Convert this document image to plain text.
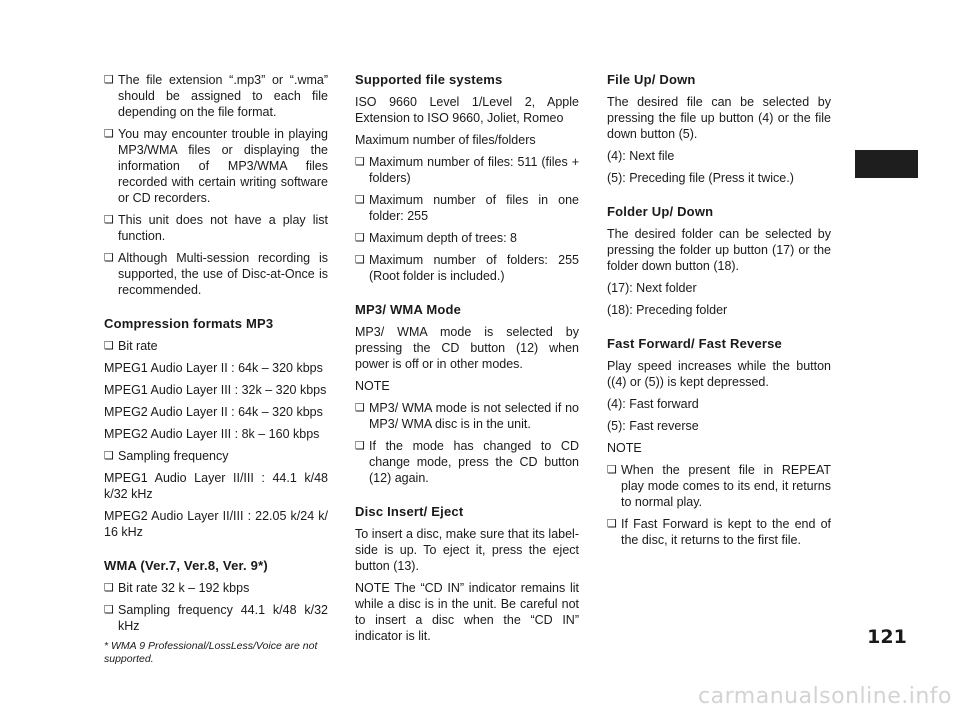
❑ The file extension “.mp3” or “.wma” should be assigned to each file depending on the file format.
❑ You may encounter trouble in playing MP3/WMA files or displaying the information of MP3/WMA files recorded with certain writing software or CD recorders.
❑ This unit does not have a play list function.
❑ Although Multi-session recording is supported, the use of Disc-at-Once is recommended.
Compression formats MP3
❑ Bit rate
MPEG1 Audio Layer II : 64k – 320 kbps
MPEG1 Audio Layer III : 32k – 320 kbps
MPEG2 Audio Layer II : 64k – 320 kbps
MPEG2 Audio Layer III : 8k – 160 kbps
❑ Sampling frequency
MPEG1 Audio Layer II/III : 44.1 k/48 k/32 kHz
MPEG2 Audio Layer II/III : 22.05 k/24 k/ 16 kHz
WMA (Ver.7, Ver.8, Ver. 9*)
❑ Bit rate 32 k – 192 kbps
❑ Sampling frequency 44.1 k/48 k/32 kHz
* WMA 9 Professional/LossLess/Voice are not supported.
Supported file systems
ISO 9660 Level 1/Level 2, Apple Extension to ISO 9660, Joliet, Romeo
Maximum number of files/folders
❑ Maximum number of files: 511 (files + folders)
❑ Maximum number of files in one folder: 255
❑ Maximum depth of trees: 8
❑ Maximum number of folders: 255 (Root folder is included.)
MP3/ WMA Mode
MP3/ WMA mode is selected by pressing the CD button (12) when power is off or in other modes.
NOTE
❑ MP3/ WMA mode is not selected if no MP3/ WMA disc is in the unit.
❑ If the mode has changed to CD change mode, press the CD button (12) again.
Disc Insert/ Eject
To insert a disc, make sure that its label-side is up. To eject it, press the eject button (13).
NOTE The “CD IN” indicator remains lit while a disc is in the unit. Be careful not to insert a disc when the “CD IN” indicator is lit.
File Up/ Down
The desired file can be selected by pressing the file up button (4) or the file down button (5).
(4): Next file
(5): Preceding file (Press it twice.)
Folder Up/ Down
The desired folder can be selected by pressing the folder up button (17) or the folder down button (18).
(17): Next folder
(18): Preceding folder
Fast Forward/ Fast Reverse
Play speed increases while the button ((4) or (5)) is kept depressed.
(4): Fast forward
(5): Fast reverse
NOTE
❑ When the present file in REPEAT play mode comes to its end, it returns to normal play.
❑ If Fast Forward is kept to the end of the disc, it returns to the first file.
121
carmanualsonline.info
